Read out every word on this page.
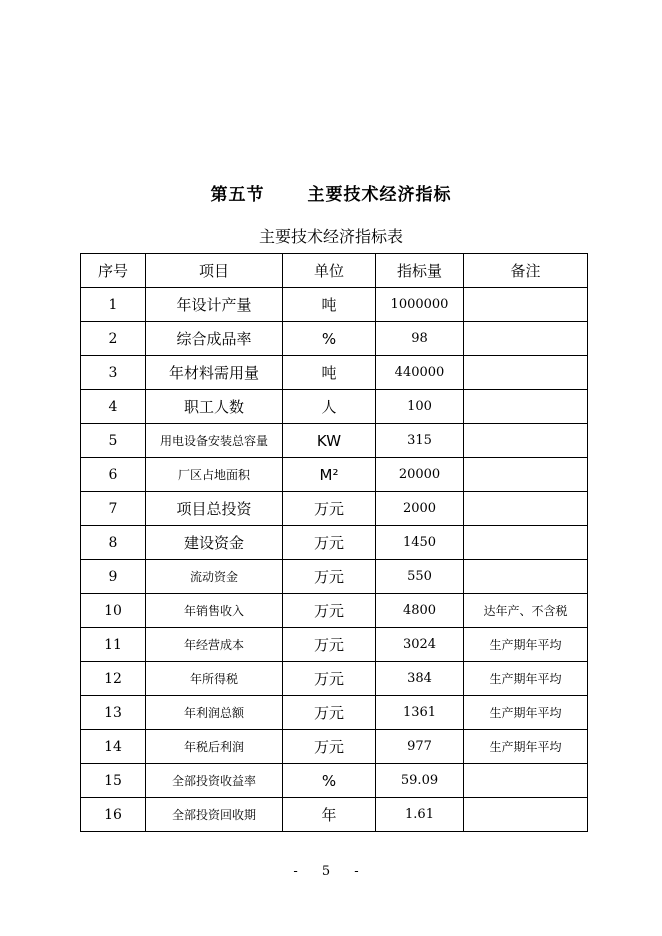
第五节	主要技术经济指标
主要技术经济指标表
序号	项目	单位	指标量	备注
1	年设计产量	吨	1000000	
2	综合成品率	%	98	
3	年材料需用量	吨	440000	
4	职工人数	人	100	
5	用电设备安装总容量	KW	315	
6	厂区占地面积	M²	20000	
7	项目总投资	万元	2000	
8	建设资金	万元	1450	
9	流动资金	万元	550	
10	年销售收入	万元	4800	达年产、不含税
11	年经营成本	万元	3024	生产期年平均
12	年所得税	万元	384	生产期年平均
13	年利润总额	万元	1361	生产期年平均
14	年税后利润	万元	977	生产期年平均
15	全部投资收益率	%	59.09	
16	全部投资回收期	年	1.61	
- 5 -
